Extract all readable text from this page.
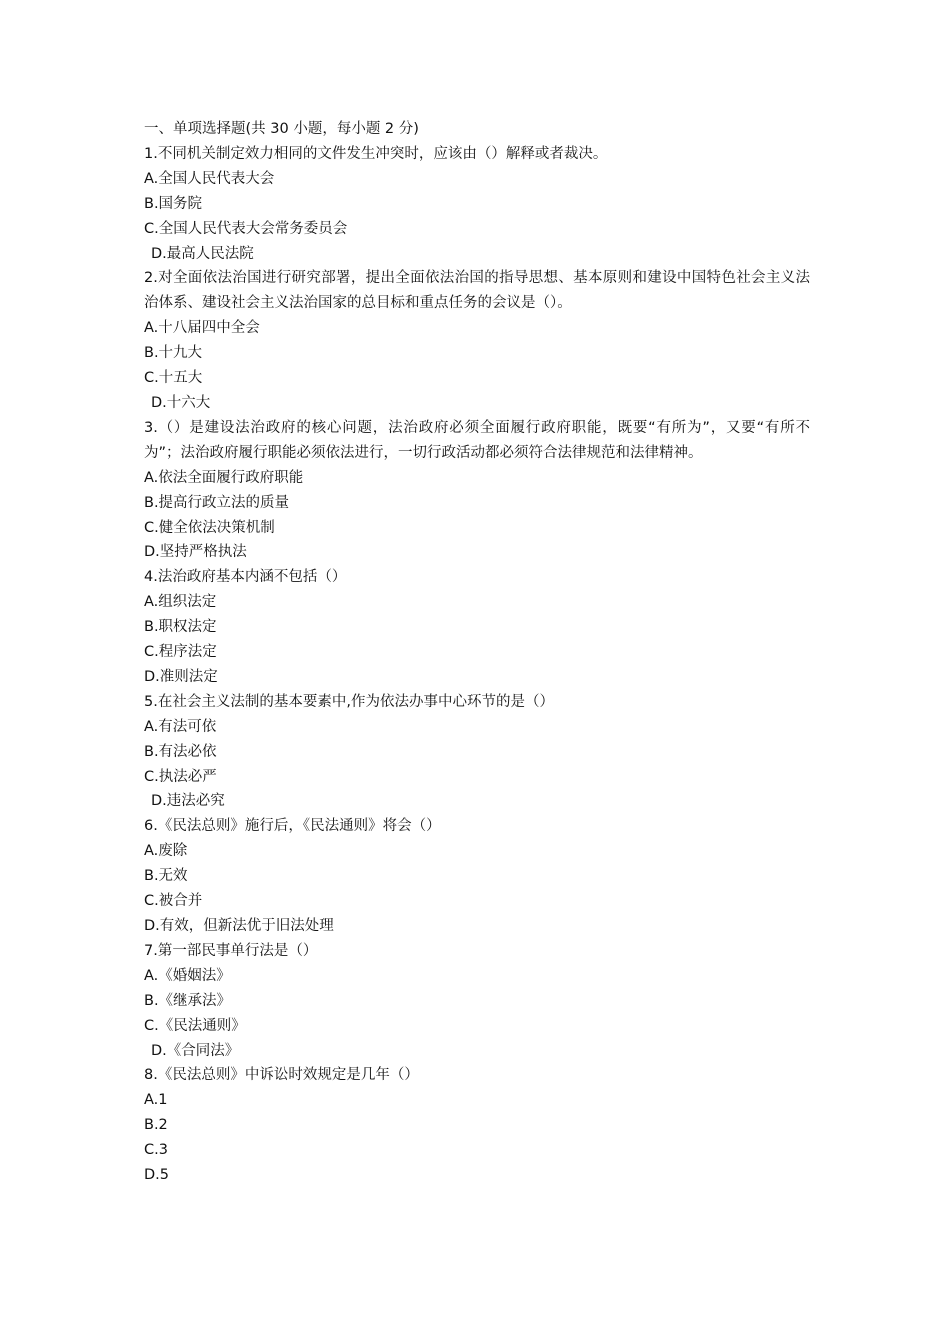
一、单项选择题(共 30 小题，每小题 2 分)
1.不同机关制定效力相同的文件发生冲突时，应该由（）解释或者裁决。
A.全国人民代表大会
B.国务院
C.全国人民代表大会常务委员会
D.最高人民法院
2.对全面依法治国进行研究部署，提出全面依法治国的指导思想、基本原则和建设中国特色社会主义法治体系、建设社会主义法治国家的总目标和重点任务的会议是（）。
A.十八届四中全会
B.十九大
C.十五大
D.十六大
3.（）是建设法治政府的核心问题，法治政府必须全面履行政府职能，既要“有所为”，又要“有所不为”；法治政府履行职能必须依法进行，一切行政活动都必须符合法律规范和法律精神。
A.依法全面履行政府职能
B.提高行政立法的质量
C.健全依法决策机制
D.坚持严格执法
4.法治政府基本内涵不包括（）
A.组织法定
B.职权法定
C.程序法定
D.准则法定
5.在社会主义法制的基本要素中,作为依法办事中心环节的是（）
A.有法可依
B.有法必依
C.执法必严
D.违法必究
6.《民法总则》施行后，《民法通则》将会（）
A.废除
B.无效
C.被合并
D.有效，但新法优于旧法处理
7.第一部民事单行法是（）
A.《婚姻法》
B.《继承法》
C.《民法通则》
D.《合同法》
8.《民法总则》中诉讼时效规定是几年（）
A.1
B.2
C.3
D.5
